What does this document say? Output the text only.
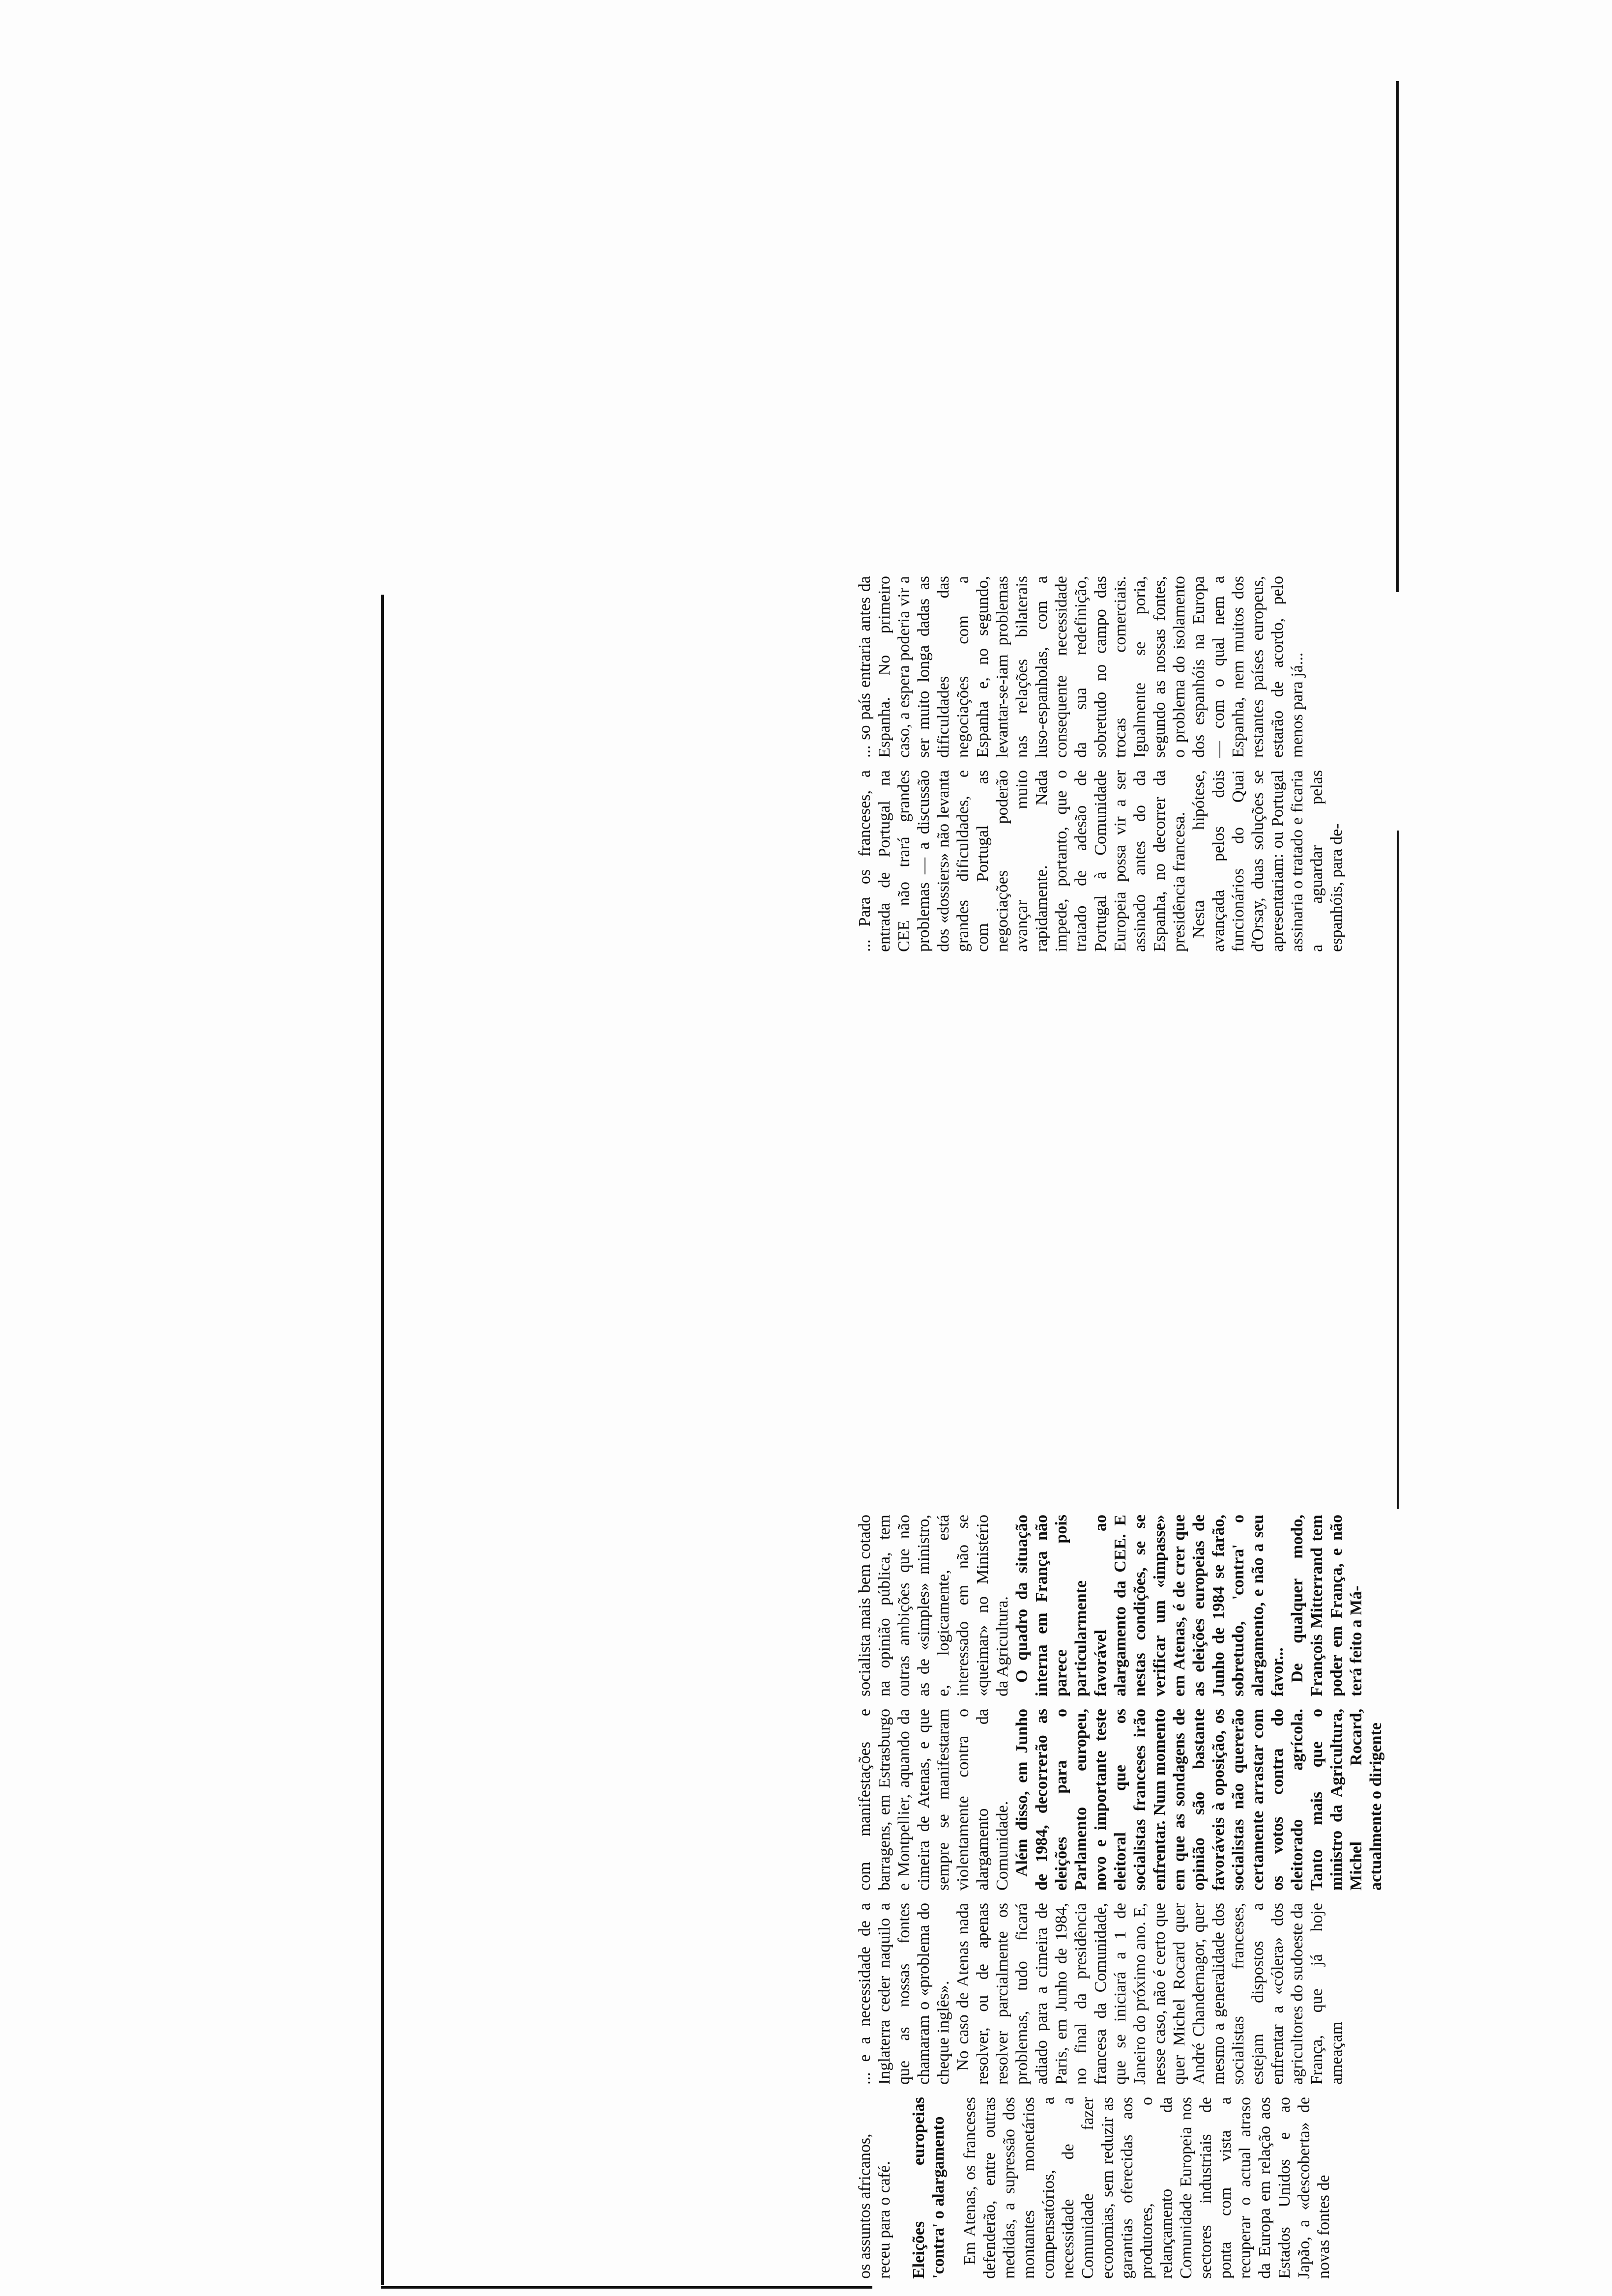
os assuntos africanos, receu para o café. Eleições europeias 'contra' o alargamento Em Atenas, os franceses defenderão, entre outras medidas, a supressão dos montantes monetários compensatórios, a necessidade de a Comunidade fazer economias, sem reduzir as garantias oferecidas aos produtores, o relançamento da Comunidade Europeia nos sectores industriais de ponta com vista a recuperar o actual atraso da Europa em relação aos Estados Unidos e ao Japão, a «descoberta» de novas fontes de

... e a necessidade de a Inglaterra ceder naquilo a que as nossas fontes chamaram o «problema do cheque inglês». No caso de Atenas nada resolver, ou de apenas resolver parcialmente os problemas, tudo ficará adiado para a cimeira de Paris, em Junho de 1984, no final da presidência francesa da Comunidade, que se iniciará a 1 de Janeiro do próximo ano. E, nesse caso, não é certo que quer Michel Rocard quer André Chandernagor, quer mesmo a generalidade dos socialistas franceses, estejam dispostos a enfrentar a «cólera» dos agricultores do sudoeste da França, que já hoje ameaçam

com manifestações e barragens, em Estrasburgo e Montpellier, aquando da cimeira de Atenas, e que sempre se manifestaram violentamente contra o alargamento da Comunidade. Além disso, em Junho de 1984, decorrerão as eleições para o Parlamento europeu, novo e importante teste eleitoral que os socialistas franceses irão enfrentar. Num momento em que as sondagens de opinião são bastante favoráveis à oposição, os socialistas não quererão certamente arrastar com os votos contra do eleitorado agrícola. Tanto mais que o ministro da Agricultura, Michel Rocard, actualmente o dirigente

socialista mais bem cotado na opinião pública, tem outras ambições que não as de «simples» ministro, e, logicamente, está interessado em não se «queimar» no Ministério da Agricultura. O quadro da situação interna em França não parece pois particularmente favorável ao alargamento da CEE. E nestas condições, se se verificar um «impasse» em Atenas, é de crer que as eleições europeias de Junho de 1984 se farão, sobretudo, 'contra' o alargamento, e não a seu favor... De qualquer modo, François Mitterrand tem poder em França, e não terá feito a Má-

... Para os franceses, a entrada de Portugal na CEE não trará grandes problemas — a discussão dos «dossiers» não levanta grandes dificuldades, e com Portugal as negociações poderão avançar muito rapidamente. Nada impede, portanto, que o tratado de adesão de Portugal à Comunidade Europeia possa vir a ser assinado antes do da Espanha, no decorrer da presidência francesa. Nesta hipótese, avançada pelos dois funcionários do Quai d'Orsay, duas soluções se apresentariam: ou Portugal assinaria o tratado e ficaria a aguardar pelas espanhóis, para de-

... so país entraria antes da Espanha. No primeiro caso, a espera poderia vir a ser muito longa dadas as dificuldades das negociações com a Espanha e, no segundo, levantar-se-iam problemas nas relações bilaterais luso-espanholas, com a consequente necessidade da sua redefinição, sobretudo no campo das trocas comerciais. Igualmente se poria, segundo as nossas fontes, o problema do isolamento dos espanhóis na Europa — com o qual nem a Espanha, nem muitos dos restantes países europeus, estarão de acordo, pelo menos para já...
